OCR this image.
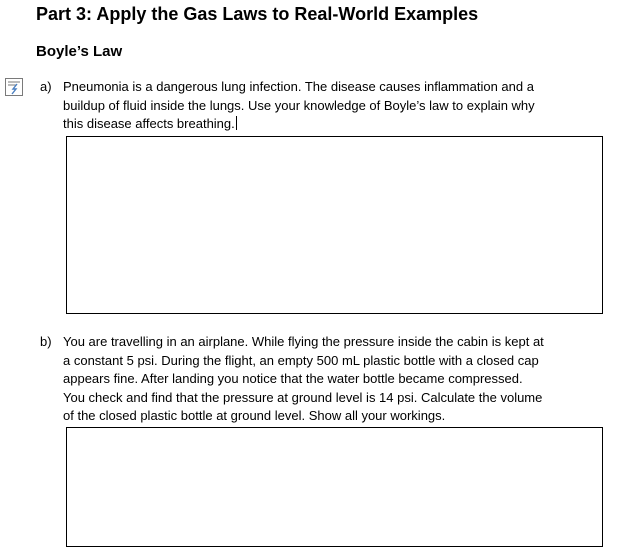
Part 3: Apply the Gas Laws to Real-World Examples
Boyle’s Law
a) Pneumonia is a dangerous lung infection. The disease causes inflammation and a
buildup of fluid inside the lungs. Use your knowledge of Boyle’s law to explain why
this disease affects breathing.
b) You are travelling in an airplane. While flying the pressure inside the cabin is kept at
a constant 5 psi. During the flight, an empty 500 mL plastic bottle with a closed cap
appears fine. After landing you notice that the water bottle became compressed.
You check and find that the pressure at ground level is 14 psi. Calculate the volume
of the closed plastic bottle at ground level. Show all your workings.
